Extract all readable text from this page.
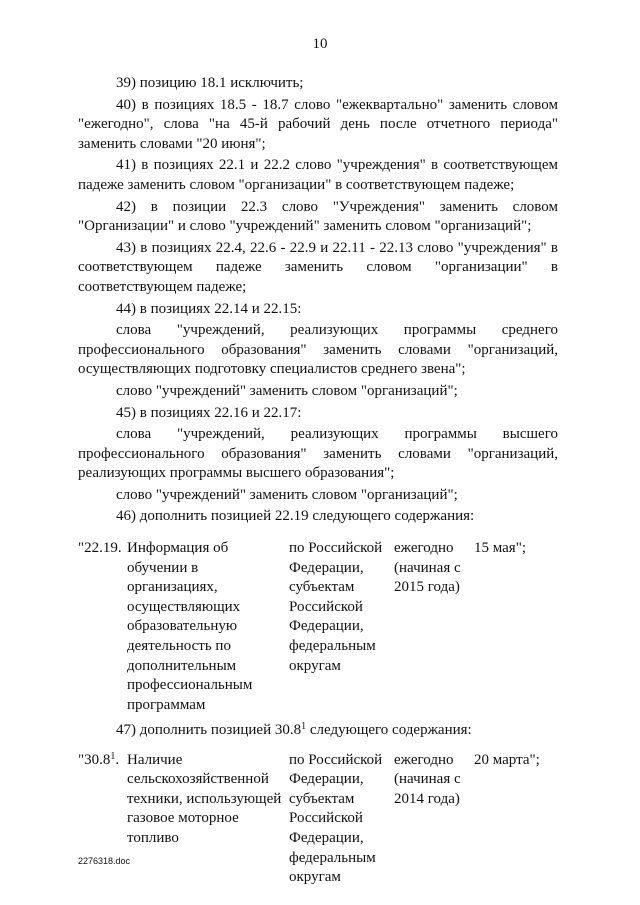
10

39) позицию 18.1 исключить;

40) в позициях 18.5 - 18.7 слово "ежеквартально" заменить словом "ежегодно", слова "на 45-й рабочий день после отчетного периода" заменить словами "20 июня";

41) в позициях 22.1 и 22.2 слово "учреждения" в соответствующем падеже заменить словом "организации" в соответствующем падеже;

42) в позиции 22.3 слово "Учреждения" заменить словом "Организации" и слово "учреждений" заменить словом "организаций";

43) в позициях 22.4, 22.6 - 22.9 и 22.11 - 22.13 слово "учреждения" в соответствующем падеже заменить словом "организации" в соответствующем падеже;

44) в позициях 22.14 и 22.15:

слова "учреждений, реализующих программы среднего профессионального образования" заменить словами "организаций, осуществляющих подготовку специалистов среднего звена";

слово "учреждений" заменить словом "организаций";

45) в позициях 22.16 и 22.17:

слова "учреждений, реализующих программы высшего профессионального образования" заменить словами "организаций, реализующих программы высшего образования";

слово "учреждений" заменить словом "организаций";

46) дополнить позицией 22.19 следующего содержания:

"22.19. Информация об обучении в организациях, осуществляющих образовательную деятельность по дополнительным профессиональным программам
по Российской Федерации, субъектам Российской Федерации, федеральным округам
ежегодно (начиная с 2015 года)
15 мая";

47) дополнить позицией 30.8$^1$ следующего содержания:

"30.8$^1$. Наличие сельскохозяйственной техники, использующей газовое моторное топливо
по Российской Федерации, субъектам Российской Федерации, федеральным округам
ежегодно (начиная с 2014 года)
20 марта";
2276318.doc
